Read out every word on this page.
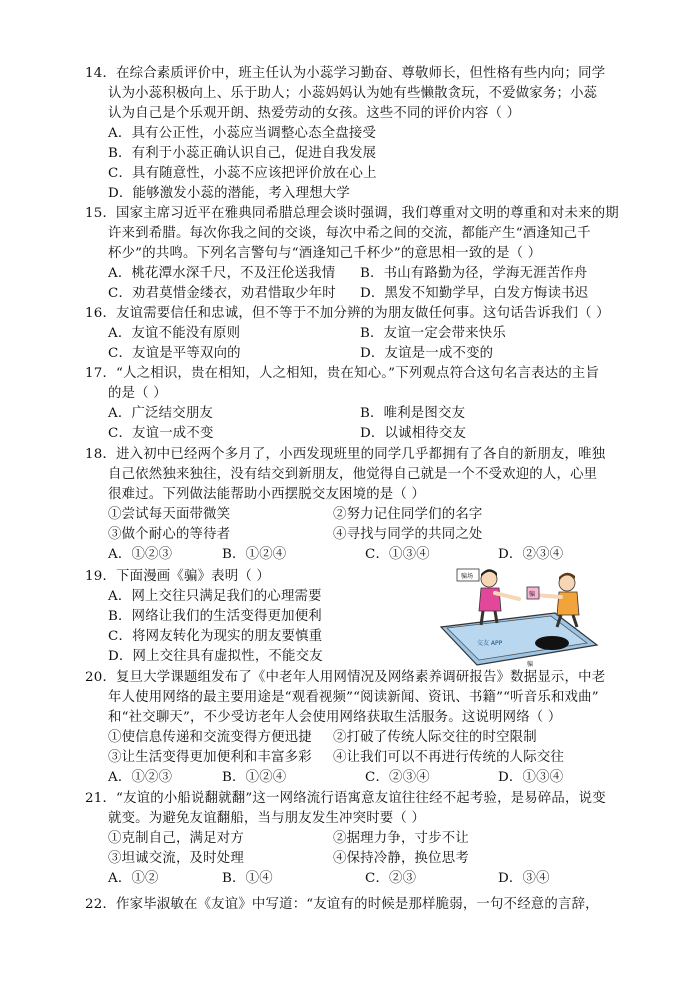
14．在综合素质评价中，班主任认为小蕊学习勤奋、尊敬师长，但性格有些内向；同学
认为小蕊积极向上、乐于助人；小蕊妈妈认为她有些懒散贪玩，不爱做家务；小蕊
认为自己是个乐观开朗、热爱劳动的女孩。这些不同的评价内容（ ）
A．具有公正性，小蕊应当调整心态全盘接受
B．有利于小蕊正确认识自己，促进自我发展
C．具有随意性，小蕊不应该把评价放在心上
D．能够激发小蕊的潜能，考入理想大学
15．国家主席习近平在雅典同希腊总理会谈时强调，我们尊重对文明的尊重和对未来的期
许来到希腊。每次你我之间的交谈，每次中希之间的交流，都能产生“酒逢知己千
杯少”的共鸣。下列名言警句与“酒逢知己千杯少”的意思相一致的是（ ）
A．桃花潭水深千尺，不及汪伦送我情 B．书山有路勤为径，学海无涯苦作舟
C．劝君莫惜金缕衣，劝君惜取少年时 D．黑发不知勤学早，白发方悔读书迟
16．友谊需要信任和忠诚，但不等于不加分辨的为朋友做任何事。这句话告诉我们（ ）
A．友谊不能没有原则	B．友谊一定会带来快乐
C．友谊是平等双向的	D．友谊是一成不变的
17．“人之相识，贵在相知，人之相知，贵在知心。”下列观点符合这句名言表达的主旨
的是（ ）
A．广泛结交朋友	B．唯利是图交友
C．友谊一成不变	D．以诚相待交友
18．进入初中已经两个多月了，小西发现班里的同学几乎都拥有了各自的新朋友，唯独
自己依然独来独往，没有结交到新朋友，他觉得自己就是一个不受欢迎的人，心里
很难过。下列做法能帮助小西摆脱交友困境的是（ ）
①尝试每天面带微笑	②努力记住同学们的名字
③做个耐心的等待者	④寻找与同学的共同之处
A．①②③	B．①②④	C．①③④	D．②③④
19．下面漫画《骗》表明（ ）
A．网上交往只满足我们的心理需要
B．网络让我们的生活变得更加便利
C．将网友转化为现实的朋友要慎重
D．网上交往具有虚拟性，不能交友
交友 APP
骗场
骗
骗
20．复旦大学课题组发布了《中老年人用网情况及网络素养调研报告》数据显示，中老
年人使用网络的最主要用途是“观看视频”“阅读新闻、资讯、书籍”“听音乐和戏曲”
和“社交聊天”，不少受访老年人会使用网络获取生活服务。这说明网络（ ）
①使信息传递和交流变得方便迅捷 ②打破了传统人际交往的时空限制
③让生活变得更加便利和丰富多彩 ④让我们可以不再进行传统的人际交往
A．①②③	B．①②④	C．②③④	D．①③④
21．“友谊的小船说翻就翻”这一网络流行语寓意友谊往往经不起考验，是易碎品，说变
就变。为避免友谊翻船，当与朋友发生冲突时要（ ）
①克制自己，满足对方	②据理力争，寸步不让
③坦诚交流，及时处理	④保持冷静，换位思考
A．①②	B．①④	C．②③	D．③④
22．作家毕淑敏在《友谊》中写道：“友谊有的时候是那样脆弱，一句不经意的言辞，
